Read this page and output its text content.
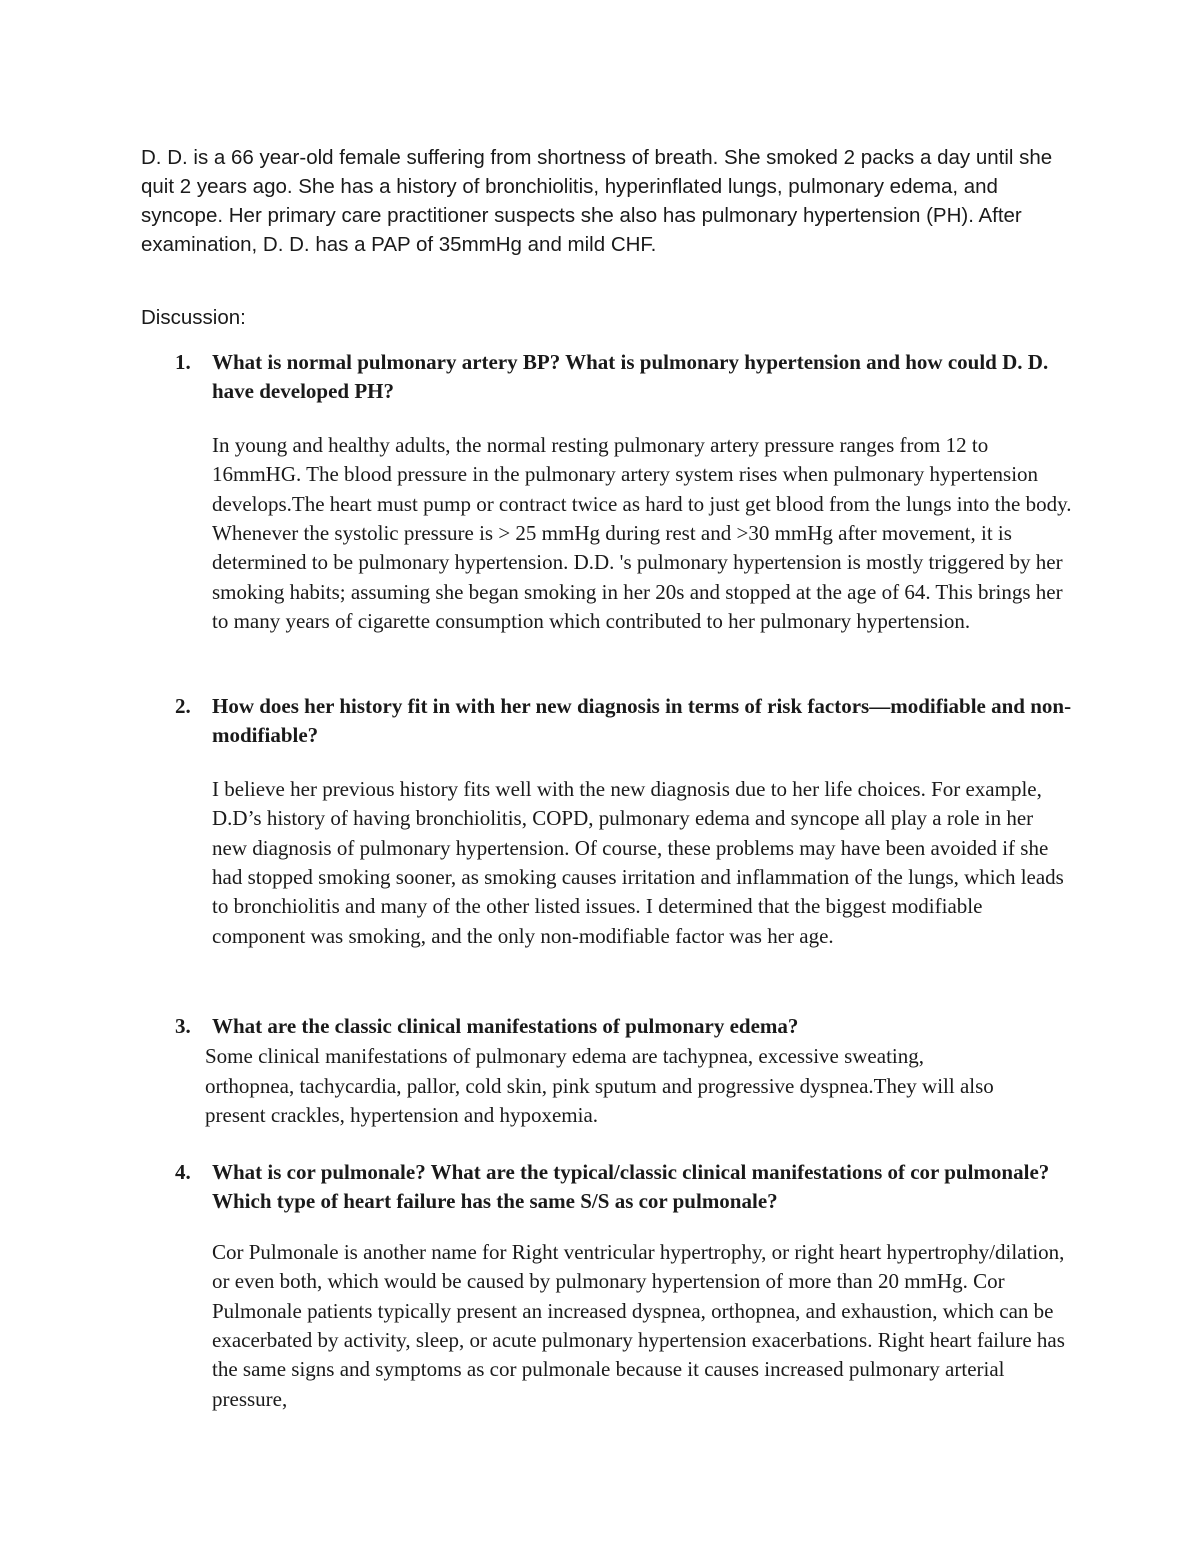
D. D. is a 66 year-old female suffering from shortness of breath. She smoked 2 packs a day until she quit 2 years ago. She has a history of bronchiolitis, hyperinflated lungs, pulmonary edema, and syncope. Her primary care practitioner suspects she also has pulmonary hypertension (PH). After examination, D. D. has a PAP of 35mmHg and mild CHF.

Discussion:

1. What is normal pulmonary artery BP? What is pulmonary hypertension and how could D. D. have developed PH?

In young and healthy adults, the normal resting pulmonary artery pressure ranges from 12 to 16mmHG. The blood pressure in the pulmonary artery system rises when pulmonary hypertension develops.The heart must pump or contract twice as hard to just get blood from the lungs into the body. Whenever the systolic pressure is > 25 mmHg during rest and >30 mmHg after movement, it is determined to be pulmonary hypertension. D.D. 's pulmonary hypertension is mostly triggered by her smoking habits; assuming she began smoking in her 20s and stopped at the age of 64. This brings her to many years of cigarette consumption which contributed to her pulmonary hypertension.

2. How does her history fit in with her new diagnosis in terms of risk factors—modifiable and non-modifiable?

I believe her previous history fits well with the new diagnosis due to her life choices. For example, D.D’s history of having bronchiolitis, COPD, pulmonary edema and syncope all play a role in her new diagnosis of pulmonary hypertension. Of course, these problems may have been avoided if she had stopped smoking sooner, as smoking causes irritation and inflammation of the lungs, which leads to bronchiolitis and many of the other listed issues. I determined that the biggest modifiable component was smoking, and the only non-modifiable factor was her age.

3. What are the classic clinical manifestations of pulmonary edema?

Some clinical manifestations of pulmonary edema are tachypnea, excessive sweating, orthopnea, tachycardia, pallor, cold skin, pink sputum and progressive dyspnea.They will also present crackles, hypertension and hypoxemia.

4. What is cor pulmonale? What are the typical/classic clinical manifestations of cor pulmonale? Which type of heart failure has the same S/S as cor pulmonale?

Cor Pulmonale is another name for Right ventricular hypertrophy, or right heart hypertrophy/dilation, or even both, which would be caused by pulmonary hypertension of more than 20 mmHg. Cor Pulmonale patients typically present an increased dyspnea, orthopnea, and exhaustion, which can be exacerbated by activity, sleep, or acute pulmonary hypertension exacerbations. Right heart failure has the same signs and symptoms as cor pulmonale because it causes increased pulmonary arterial pressure,
